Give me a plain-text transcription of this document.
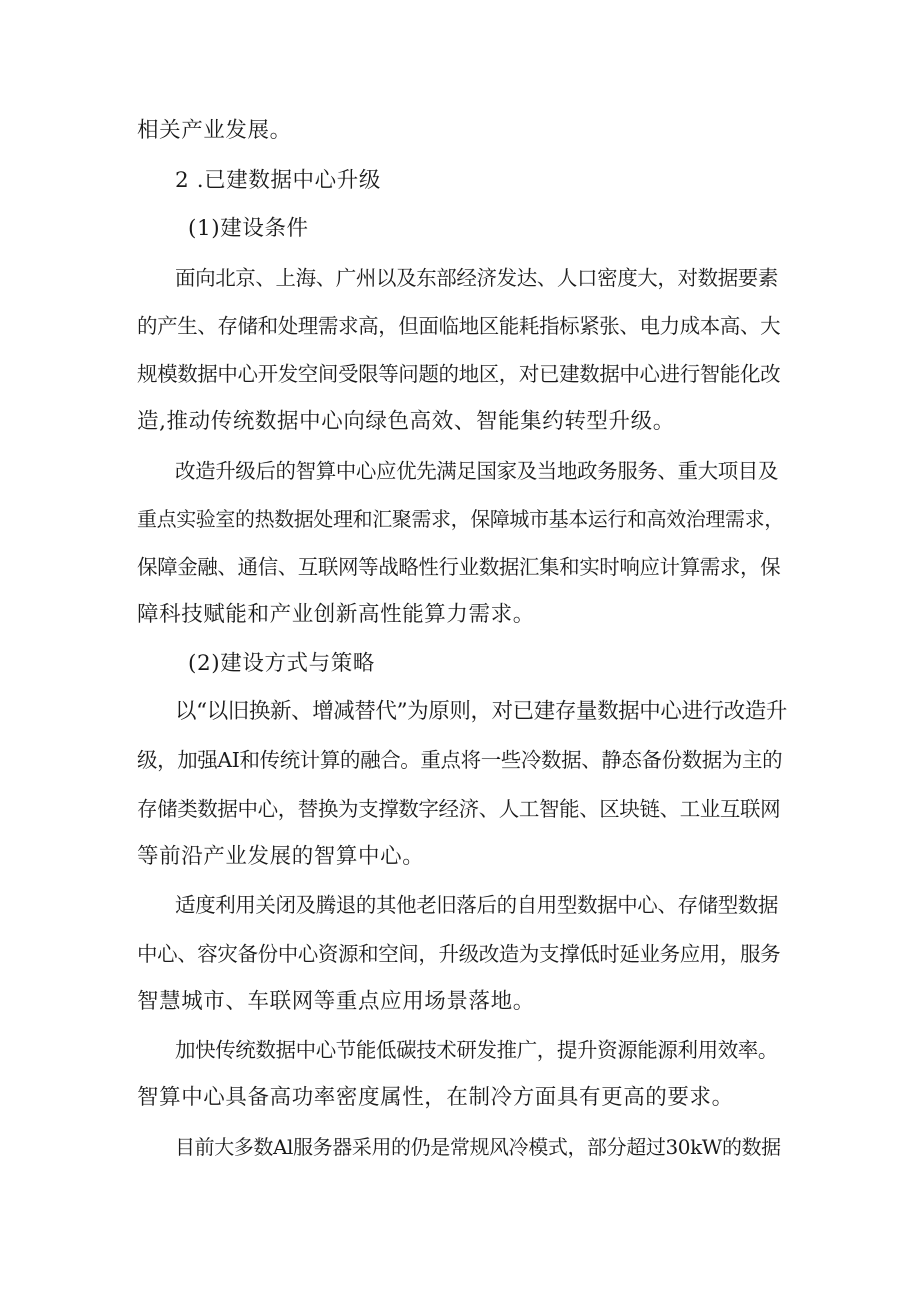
相关产业发展。
2 .已建数据中心升级
(1)建设条件
面向北京、上海、广州以及东部经济发达、人口密度大，对数据要素
的产生、存储和处理需求高，但面临地区能耗指标紧张、电力成本高、大
规模数据中心开发空间受限等问题的地区，对已建数据中心进行智能化改
造,推动传统数据中心向绿色高效、智能集约转型升级。
改造升级后的智算中心应优先满足国家及当地政务服务、重大项目及
重点实验室的热数据处理和汇聚需求，保障城市基本运行和高效治理需求，
保障金融、通信、互联网等战略性行业数据汇集和实时响应计算需求，保
障科技赋能和产业创新高性能算力需求。
(2)建设方式与策略
以“以旧换新、增减替代”为原则，对已建存量数据中心进行改造升
级，加强AI和传统计算的融合。重点将一些冷数据、静态备份数据为主的
存储类数据中心，替换为支撑数字经济、人工智能、区块链、工业互联网
等前沿产业发展的智算中心。
适度利用关闭及腾退的其他老旧落后的自用型数据中心、存储型数据
中心、容灾备份中心资源和空间，升级改造为支撑低时延业务应用，服务
智慧城市、车联网等重点应用场景落地。
加快传统数据中心节能低碳技术研发推广，提升资源能源利用效率。
智算中心具备高功率密度属性，在制冷方面具有更高的要求。
目前大多数Al服务器采用的仍是常规风冷模式，部分超过30kW的数据
